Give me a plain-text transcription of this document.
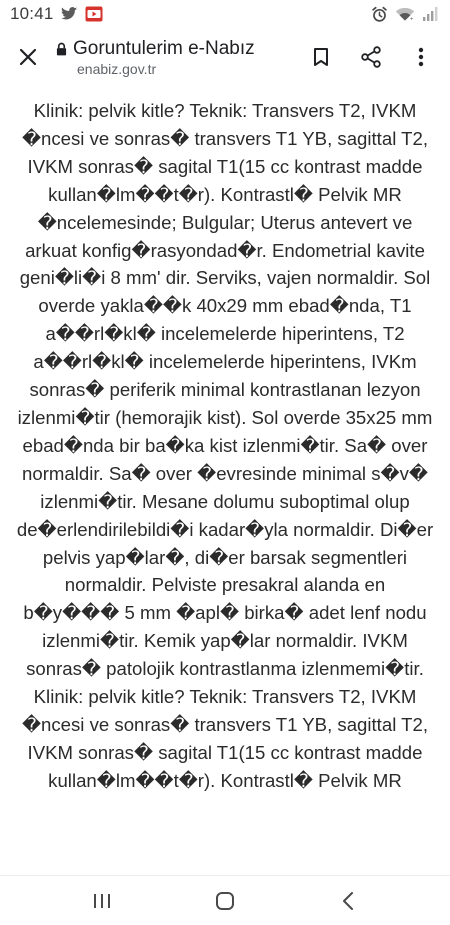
10:41	+
Goruntulerim e-Nabız
enabiz.gov.tr

Klinik: pelvik kitle? Teknik: Transvers T2, IVKM �ncesi ve sonras� transvers T1 YB, sagittal T2, IVKM sonras� sagital T1(15 cc kontrast madde kullan�lm��t�r). Kontrastl� Pelvik MR �ncelemesinde; Bulgular; Uterus antevert ve arkuat konfig�rasyondad�r. Endometrial kavite geni�li�i 8 mm' dir. Serviks, vajen normaldir. Sol overde yakla��k 40x29 mm ebad�nda, T1 a��rl�kl� incelemelerde hiperintens, T2 a��rl�kl� incelemelerde hiperintens, IVKm sonras� periferik minimal kontrastlanan lezyon izlenmi�tir (hemorajik kist). Sol overde 35x25 mm ebad�nda bir ba�ka kist izlenmi�tir. Sa� over normaldir. Sa� over �evresinde minimal s�v� izlenmi�tir. Mesane dolumu suboptimal olup de�erlendirilebildi�i kadar�yla normaldir. Di�er pelvis yap�lar�, di�er barsak segmentleri normaldir. Pelviste presakral alanda en b�y��� 5 mm �apl� birka� adet lenf nodu izlenmi�tir. Kemik yap�lar normaldir. IVKM sonras� patolojik kontrastlanma izlenmemi�tir. Klinik: pelvik kitle? Teknik: Transvers T2, IVKM �ncesi ve sonras� transvers T1 YB, sagittal T2, IVKM sonras� sagital T1(15 cc kontrast madde kullan�lm��t�r). Kontrastl� Pelvik MR
